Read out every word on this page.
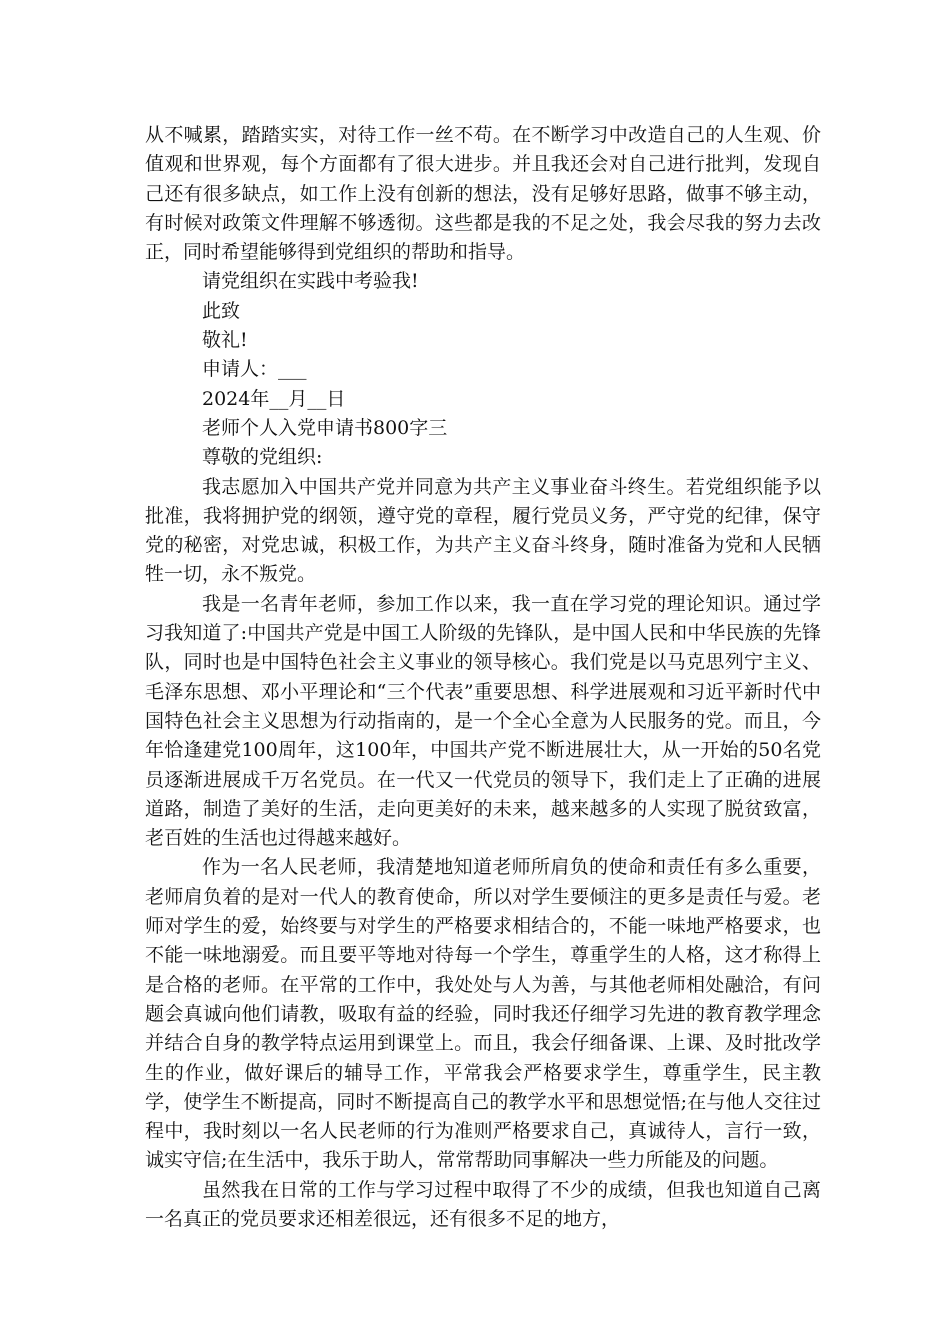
从不喊累，踏踏实实，对待工作一丝不苟。在不断学习中改造自己的人生观、价值观和世界观，每个方面都有了很大进步。并且我还会对自己进行批判，发现自己还有很多缺点，如工作上没有创新的想法，没有足够好思路，做事不够主动，有时候对政策文件理解不够透彻。这些都是我的不足之处，我会尽我的努力去改正，同时希望能够得到党组织的帮助和指导。

请党组织在实践中考验我!

此致

敬礼!

申请人：___

2024年__月__日

老师个人入党申请书800字三

尊敬的党组织:

我志愿加入中国共产党并同意为共产主义事业奋斗终生。若党组织能予以批准，我将拥护党的纲领，遵守党的章程，履行党员义务，严守党的纪律，保守党的秘密，对党忠诚，积极工作，为共产主义奋斗终身，随时准备为党和人民牺牲一切，永不叛党。

我是一名青年老师，参加工作以来，我一直在学习党的理论知识。通过学习我知道了:中国共产党是中国工人阶级的先锋队，是中国人民和中华民族的先锋队，同时也是中国特色社会主义事业的领导核心。我们党是以马克思列宁主义、毛泽东思想、邓小平理论和“三个代表”重要思想、科学进展观和习近平新时代中国特色社会主义思想为行动指南的，是一个全心全意为人民服务的党。而且，今年恰逢建党100周年，这100年，中国共产党不断进展壮大，从一开始的50名党员逐渐进展成千万名党员。在一代又一代党员的领导下，我们走上了正确的进展道路，制造了美好的生活，走向更美好的未来，越来越多的人实现了脱贫致富，老百姓的生活也过得越来越好。

作为一名人民老师，我清楚地知道老师所肩负的使命和责任有多么重要，老师肩负着的是对一代人的教育使命，所以对学生要倾注的更多是责任与爱。老师对学生的爱，始终要与对学生的严格要求相结合的，不能一味地严格要求，也不能一味地溺爱。而且要平等地对待每一个学生，尊重学生的人格，这才称得上是合格的老师。在平常的工作中，我处处与人为善，与其他老师相处融洽，有问题会真诚向他们请教，吸取有益的经验，同时我还仔细学习先进的教育教学理念并结合自身的教学特点运用到课堂上。而且，我会仔细备课、上课、及时批改学生的作业，做好课后的辅导工作，平常我会严格要求学生，尊重学生，民主教学，使学生不断提高，同时不断提高自己的教学水平和思想觉悟;在与他人交往过程中，我时刻以一名人民老师的行为准则严格要求自己，真诚待人，言行一致，诚实守信;在生活中，我乐于助人，常常帮助同事解决一些力所能及的问题。

虽然我在日常的工作与学习过程中取得了不少的成绩，但我也知道自己离一名真正的党员要求还相差很远，还有很多不足的地方，
